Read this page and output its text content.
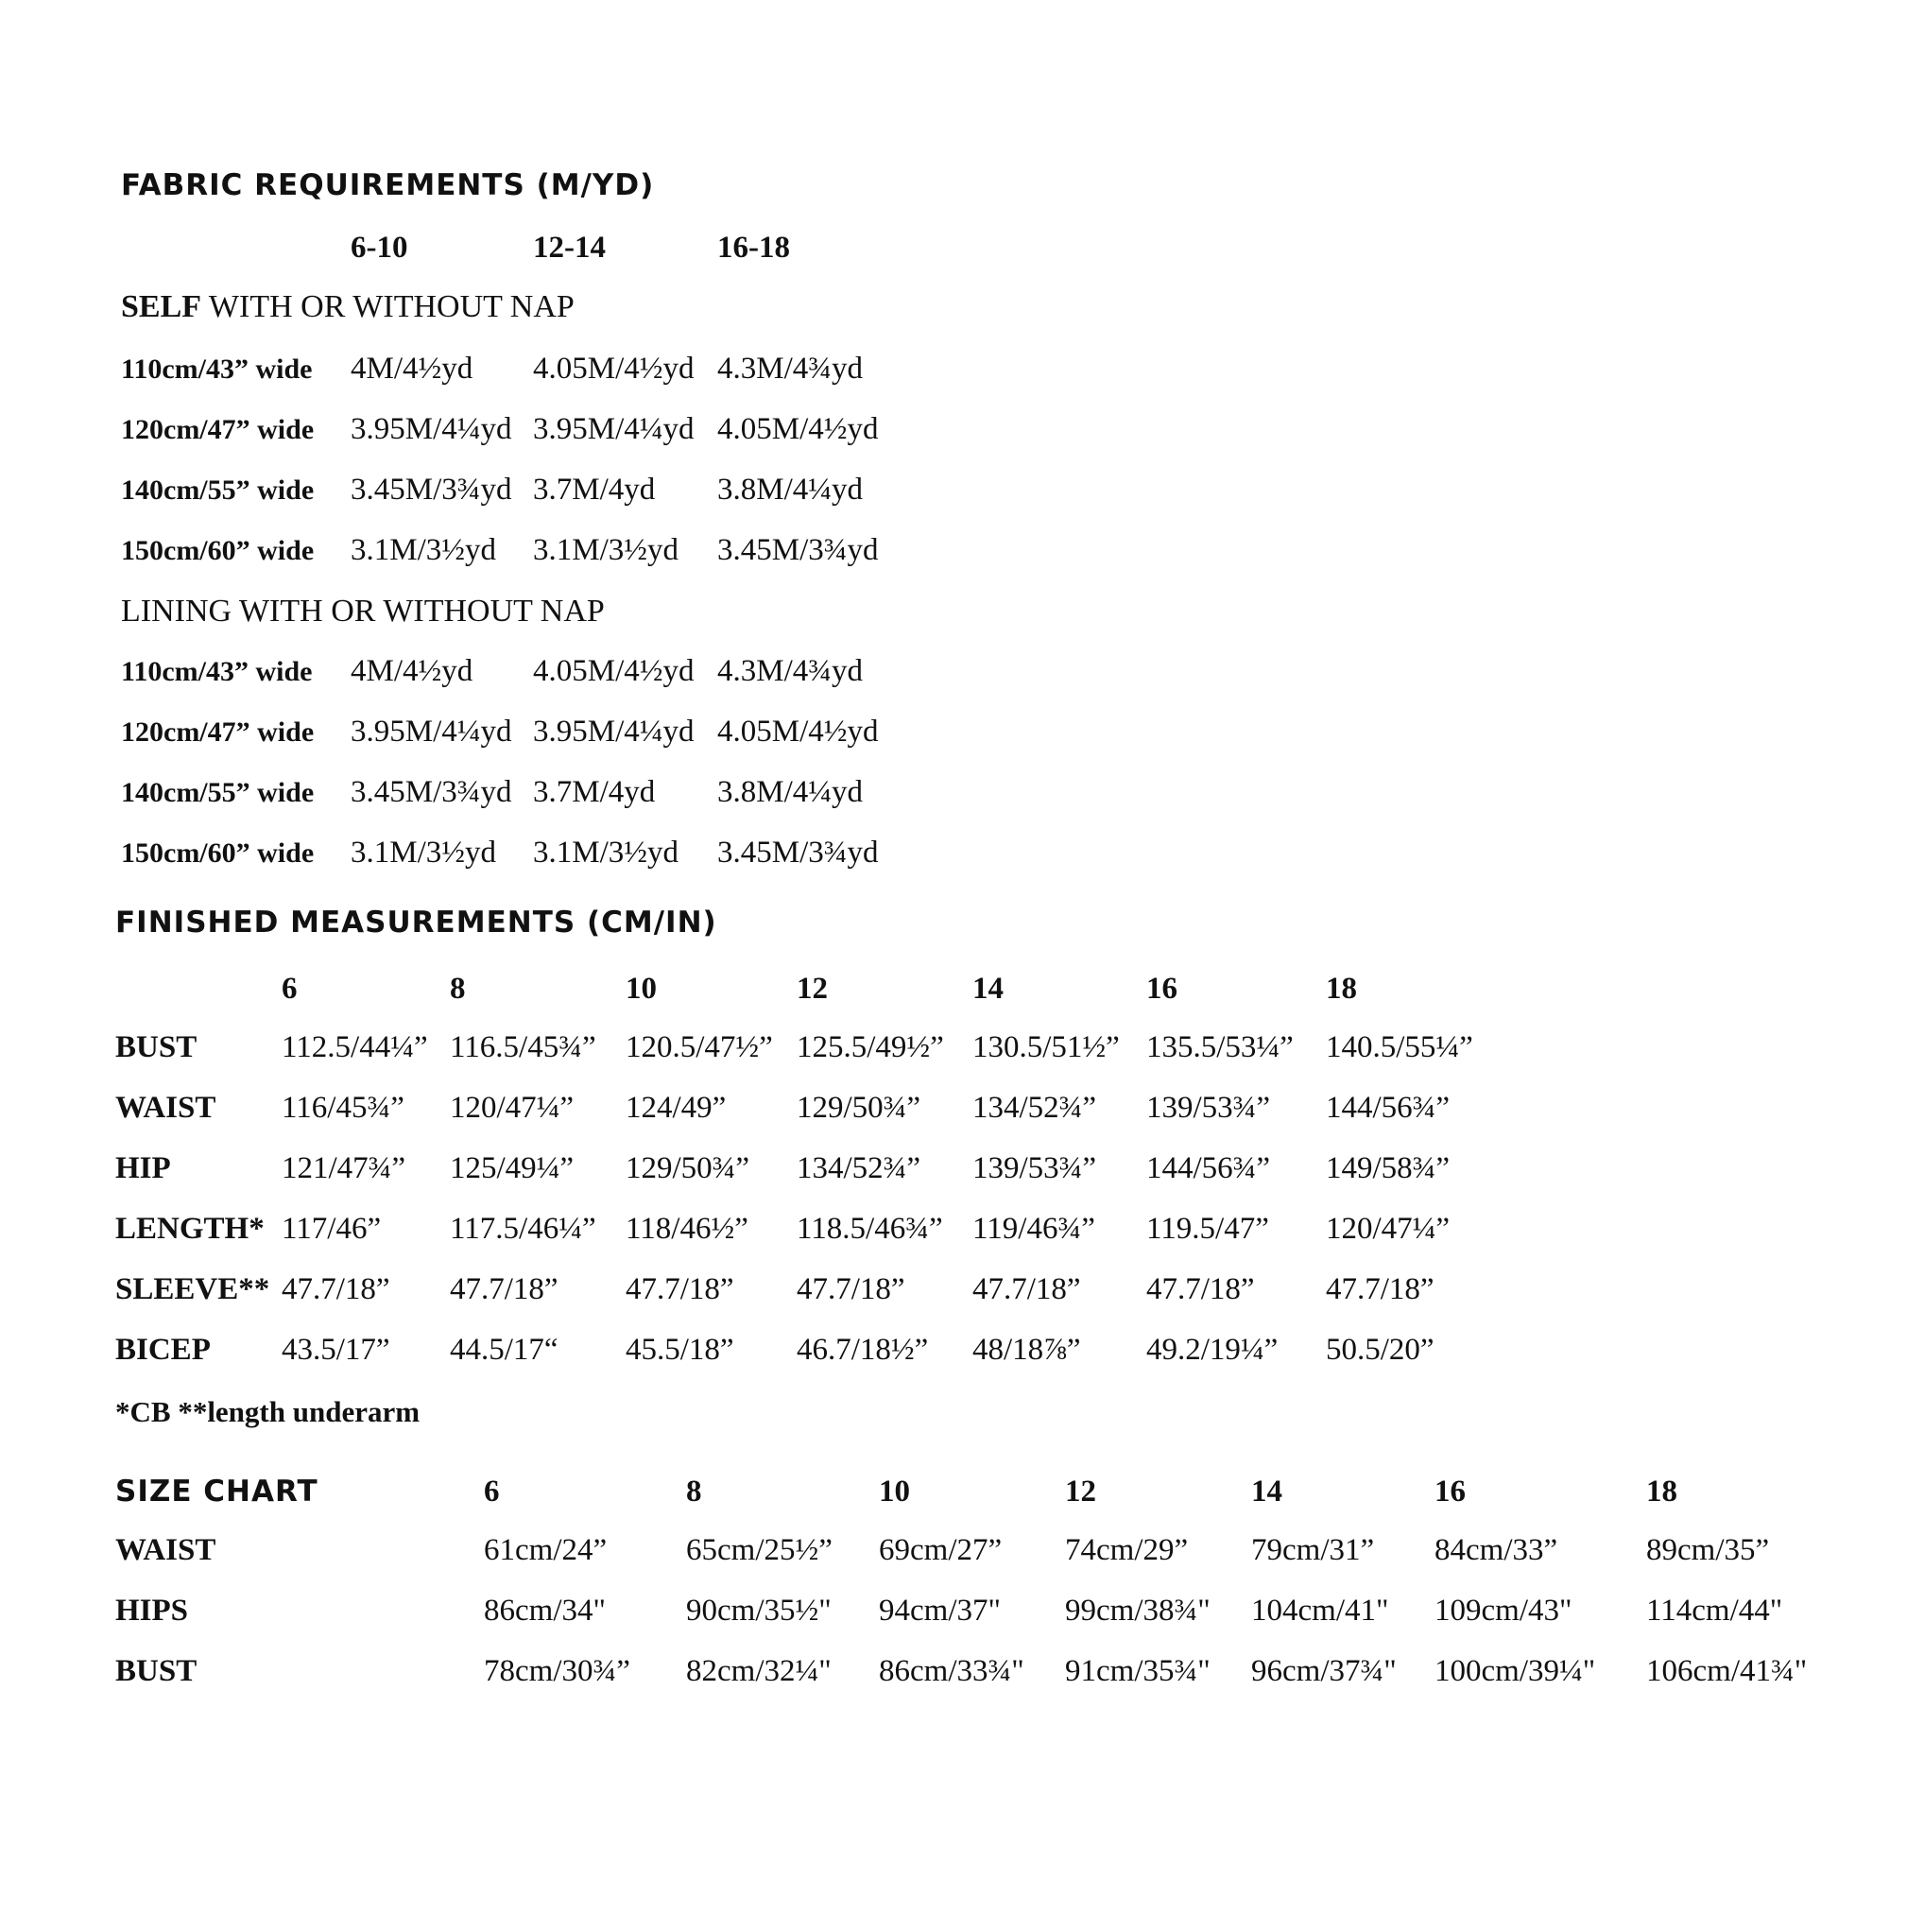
FABRIC REQUIREMENTS (M/YD)
6-10	12-14	16-18
SELF WITH OR WITHOUT NAP
110cm/43” wide 4M/4½yd 4.05M/4½yd 4.3M/4¾yd
120cm/47” wide 3.95M/4¼yd 3.95M/4¼yd 4.05M/4½yd
140cm/55” wide 3.45M/3¾yd 3.7M/4yd 3.8M/4¼yd
150cm/60” wide 3.1M/3½yd 3.1M/3½yd 3.45M/3¾yd
LINING WITH OR WITHOUT NAP
110cm/43” wide 4M/4½yd 4.05M/4½yd 4.3M/4¾yd
120cm/47” wide 3.95M/4¼yd 3.95M/4¼yd 4.05M/4½yd
140cm/55” wide 3.45M/3¾yd 3.7M/4yd 3.8M/4¼yd
150cm/60” wide 3.1M/3½yd 3.1M/3½yd 3.45M/3¾yd
FINISHED MEASUREMENTS (CM/IN)
6	8	10	12	14	16	18
BUST	112.5/44¼” 116.5/45¾” 120.5/47½” 125.5/49½” 130.5/51½” 135.5/53¼” 140.5/55¼”
WAIST 116/45¾” 120/47¼” 124/49” 129/50¾” 134/52¾” 139/53¾” 144/56¾”
HIP	121/47¾” 125/49¼” 129/50¾” 134/52¾” 139/53¾” 144/56¾” 149/58¾”
LENGTH* 117/46” 117.5/46¼” 118/46½” 118.5/46¾” 119/46¾” 119.5/47” 120/47¼”
SLEEVE** 47.7/18” 47.7/18” 47.7/18” 47.7/18” 47.7/18” 47.7/18” 47.7/18”
BICEP 43.5/17” 44.5/17“ 45.5/18” 46.7/18½” 48/18⅞” 49.2/19¼” 50.5/20”
*CB **length underarm
SIZE CHART	6	8	10	12	14	16	18
WAIST	61cm/24”	65cm/25½” 69cm/27” 74cm/29” 79cm/31” 84cm/33”	89cm/35”
HIPS	86cm/34"	90cm/35½" 94cm/37" 99cm/38¾" 104cm/41" 109cm/43" 114cm/44"
BUST	78cm/30¾” 82cm/32¼" 86cm/33¾" 91cm/35¾" 96cm/37¾" 100cm/39¼" 106cm/41¾"
